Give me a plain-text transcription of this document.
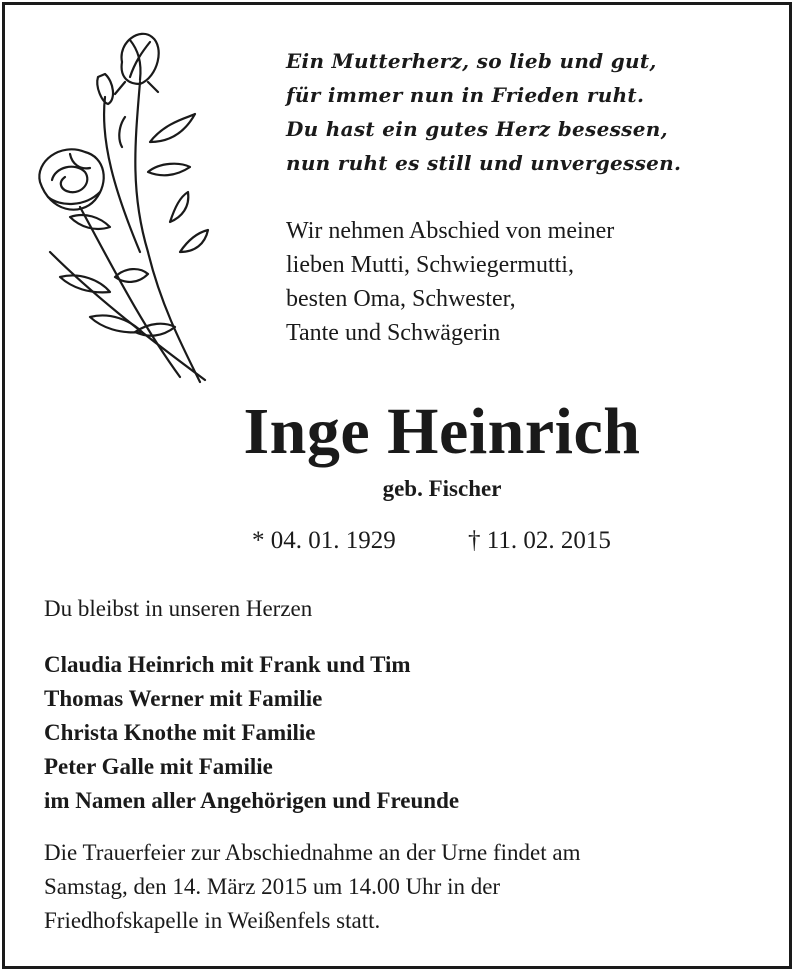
Ein Mutterherz, so lieb und gut,
für immer nun in Frieden ruht.
Du hast ein gutes Herz besessen,
nun ruht es still und unvergessen.
Wir nehmen Abschied von meiner
lieben Mutti, Schwiegermutti,
besten Oma, Schwester,
Tante und Schwägerin
Inge Heinrich
geb. Fischer
* 04. 01. 1929	† 11. 02. 2015
Du bleibst in unseren Herzen
Claudia Heinrich mit Frank und Tim
Thomas Werner mit Familie
Christa Knothe mit Familie
Peter Galle mit Familie
im Namen aller Angehörigen und Freunde
Die Trauerfeier zur Abschiednahme an der Urne findet am
Samstag, den 14. März 2015 um 14.00 Uhr in der
Friedhofskapelle in Weißenfels statt.
